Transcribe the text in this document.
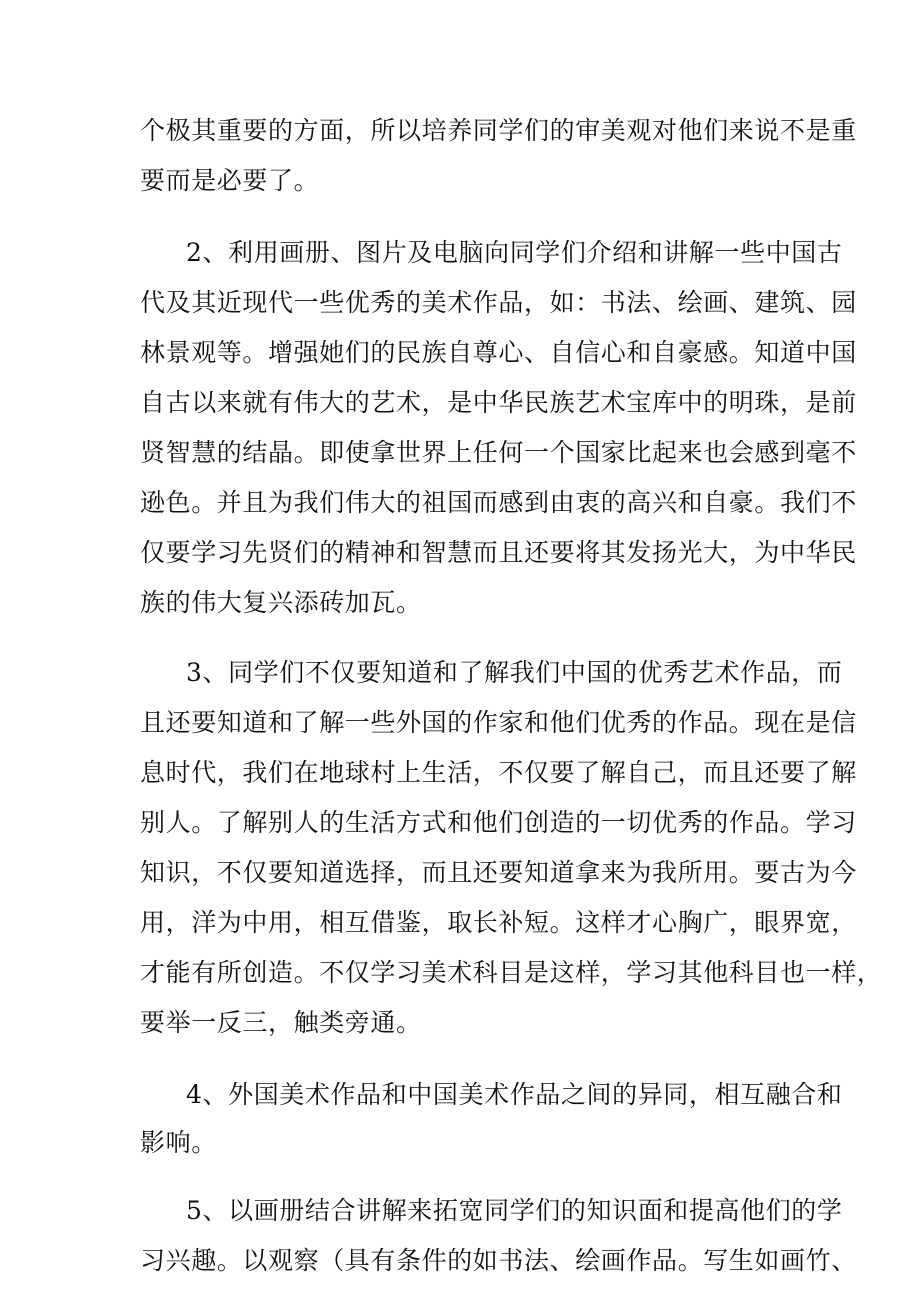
个极其重要的方面，所以培养同学们的审美观对他们来说不是重
要而是必要了。
2、利用画册、图片及电脑向同学们介绍和讲解一些中国古
代及其近现代一些优秀的美术作品，如：书法、绘画、建筑、园
林景观等。增强她们的民族自尊心、自信心和自豪感。知道中国
自古以来就有伟大的艺术，是中华民族艺术宝库中的明珠，是前
贤智慧的结晶。即使拿世界上任何一个国家比起来也会感到毫不
逊色。并且为我们伟大的祖国而感到由衷的高兴和自豪。我们不
仅要学习先贤们的精神和智慧而且还要将其发扬光大，为中华民
族的伟大复兴添砖加瓦。
3、同学们不仅要知道和了解我们中国的优秀艺术作品，而
且还要知道和了解一些外国的作家和他们优秀的作品。现在是信
息时代，我们在地球村上生活，不仅要了解自己，而且还要了解
别人。了解别人的生活方式和他们创造的一切优秀的作品。学习
知识，不仅要知道选择，而且还要知道拿来为我所用。要古为今
用，洋为中用，相互借鉴，取长补短。这样才心胸广，眼界宽，
才能有所创造。不仅学习美术科目是这样，学习其他科目也一样，
要举一反三，触类旁通。
4、外国美术作品和中国美术作品之间的异同，相互融合和
影响。
5、以画册结合讲解来拓宽同学们的知识面和提高他们的学
习兴趣。以观察（具有条件的如书法、绘画作品。写生如画竹、
